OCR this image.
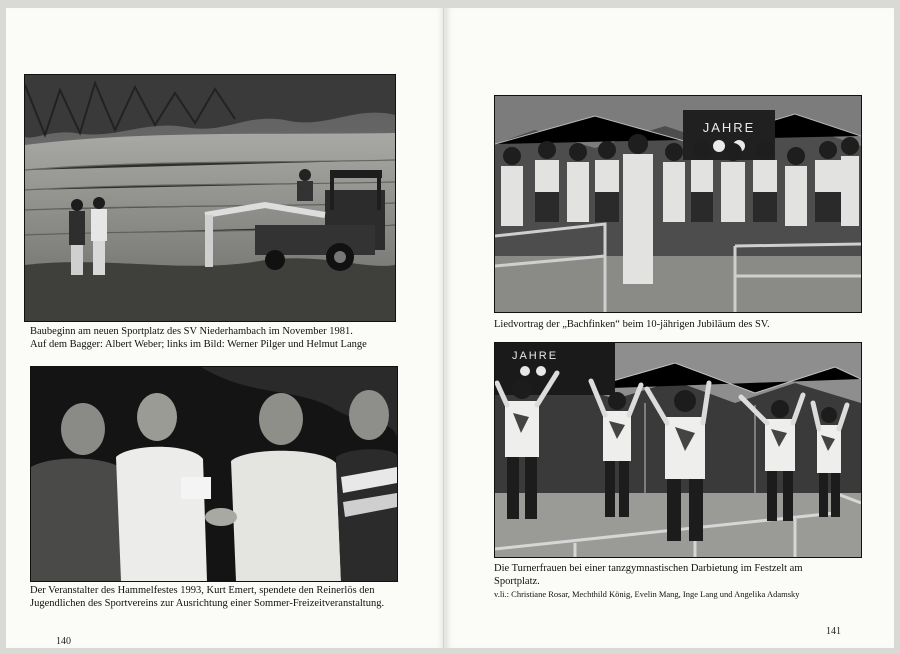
Baubeginn am neuen Sportplatz des SV Niederhambach im November 1981.

Auf dem Bagger: Albert Weber; links im Bild: Werner Pilger und Helmut Lange

Der Veranstalter des Hammelfestes 1993, Kurt Emert, spendete den Reinerlös den Jugendlichen des Sportvereins zur Ausrichtung einer Sommer-Freizeitveranstaltung.

140
JAHRE

Liedvortrag der „Bachfinken“ beim 10-jährigen Jubiläum des SV.

JAHRE

Die Turnerfrauen bei einer tanzgymnastischen Darbietung im Festzelt am Sportplatz.

v.li.: Christiane Rosar, Mechthild König, Evelin Mang, Inge Lang und Angelika Adamsky

141
